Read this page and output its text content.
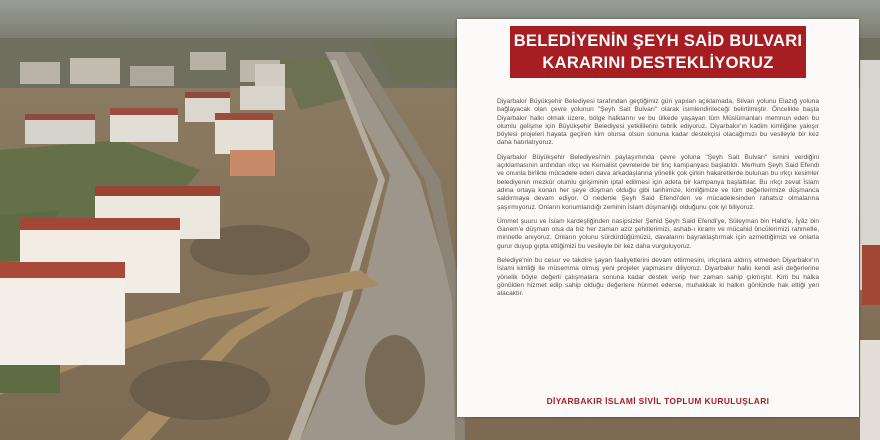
BELEDİYENİN ŞEYH SAİD BULVARI
KARARINI DESTEKLİYORUZ

Diyarbakır Büyükşehir Belediyesi tarafından geçtiğimiz gün yapılan açıklamada, Silvan yolunu Elazığ yoluna bağlayacak olan çevre yolunun "Şeyh Sait Bulvarı" olarak isimlendirileceği belirtilmiştir. Öncelikle başta Diyarbakır halkı olmak üzere, bölge halklarını ve bu ülkede yaşayan tüm Müslümanları memnun eden bu olumlu gelişme için Büyükşehir Belediyesi yetkililerini tebrik ediyoruz. Diyarbakır'ın kadim kimliğine yakışır böylesi projeleri hayata geçiren kim olursa olsun sonuna kadar destekçisi olacağımızı bu vesileyle bir kez daha hatırlatıyoruz.

Diyarbakır Büyükşehir Belediyesi'nin paylaşımında çevre yoluna "Şeyh Sait Bulvarı" ismini verdiğini açıklamasının ardından ırkçı ve Kemalist çevrelerde bir linç kampanyası başlatıldı. Merhum Şeyh Said Efendi ve onunla birlikte mücadele eden dava arkadaşlarına yönelik çok çirkin hakaretlerde bulunan bu ırkçı kesimler belediyenin mezkûr olumlu girişiminin iptal edilmesi için adeta bir kampanya başlattılar. Bu ırkçı zevat İslam adına ortaya konan her şeye düşman olduğu gibi tarihimize, kimliğimize ve tüm değerlerimize düşmanca saldırmaya devam ediyor. O nedenle Şeyh Said Efendi'den ve mücadelesinden rahatsız olmalarına şaşırmıyoruz. Onların konumlandığı zeminin İslam düşmanlığı olduğunu çok iyi biliyoruz.

Ümmet şuuru ve İslam kardeşliğinden nasipsizler Şehid Şeyh Said Efendi'ye, Süleyman bin Halid'e, İyâz bin Ganem'e düşman olsa da biz her zaman aziz şehitlerimizi, ashab-ı kiramı ve mücahid öncülerimizi rahmetle, minnetle anıyoruz. Onların yolunu sürdürdüğümüzü, davalarını bayraklaştırmak için azmettiğimizi ve onlarla gurur duyup gıpta ettiğimizi bu vesileyle bir kez daha vurguluyoruz.

Belediye'nin bu cesur ve takdire şayan faaliyetlerini devam ettirmesini, ırkçılara aldırış etmeden Diyarbakır'ın İslami kimliği ile müsemma olmuş yeni projeler yapmasını diliyoruz. Diyarbakır halkı kendi asli değerlerine yönelik böyle değerli çalışmalara sonuna kadar destek verip her zaman sahip çıkmıştır. Kim bu halka gönülden hizmet edip sahip olduğu değerlere hürmet ederse, muhakkak ki halkın gönlünde hak ettiği yeri alacaktır.

DİYARBAKIR İSLAMİ SİVİL TOPLUM KURULUŞLARI
